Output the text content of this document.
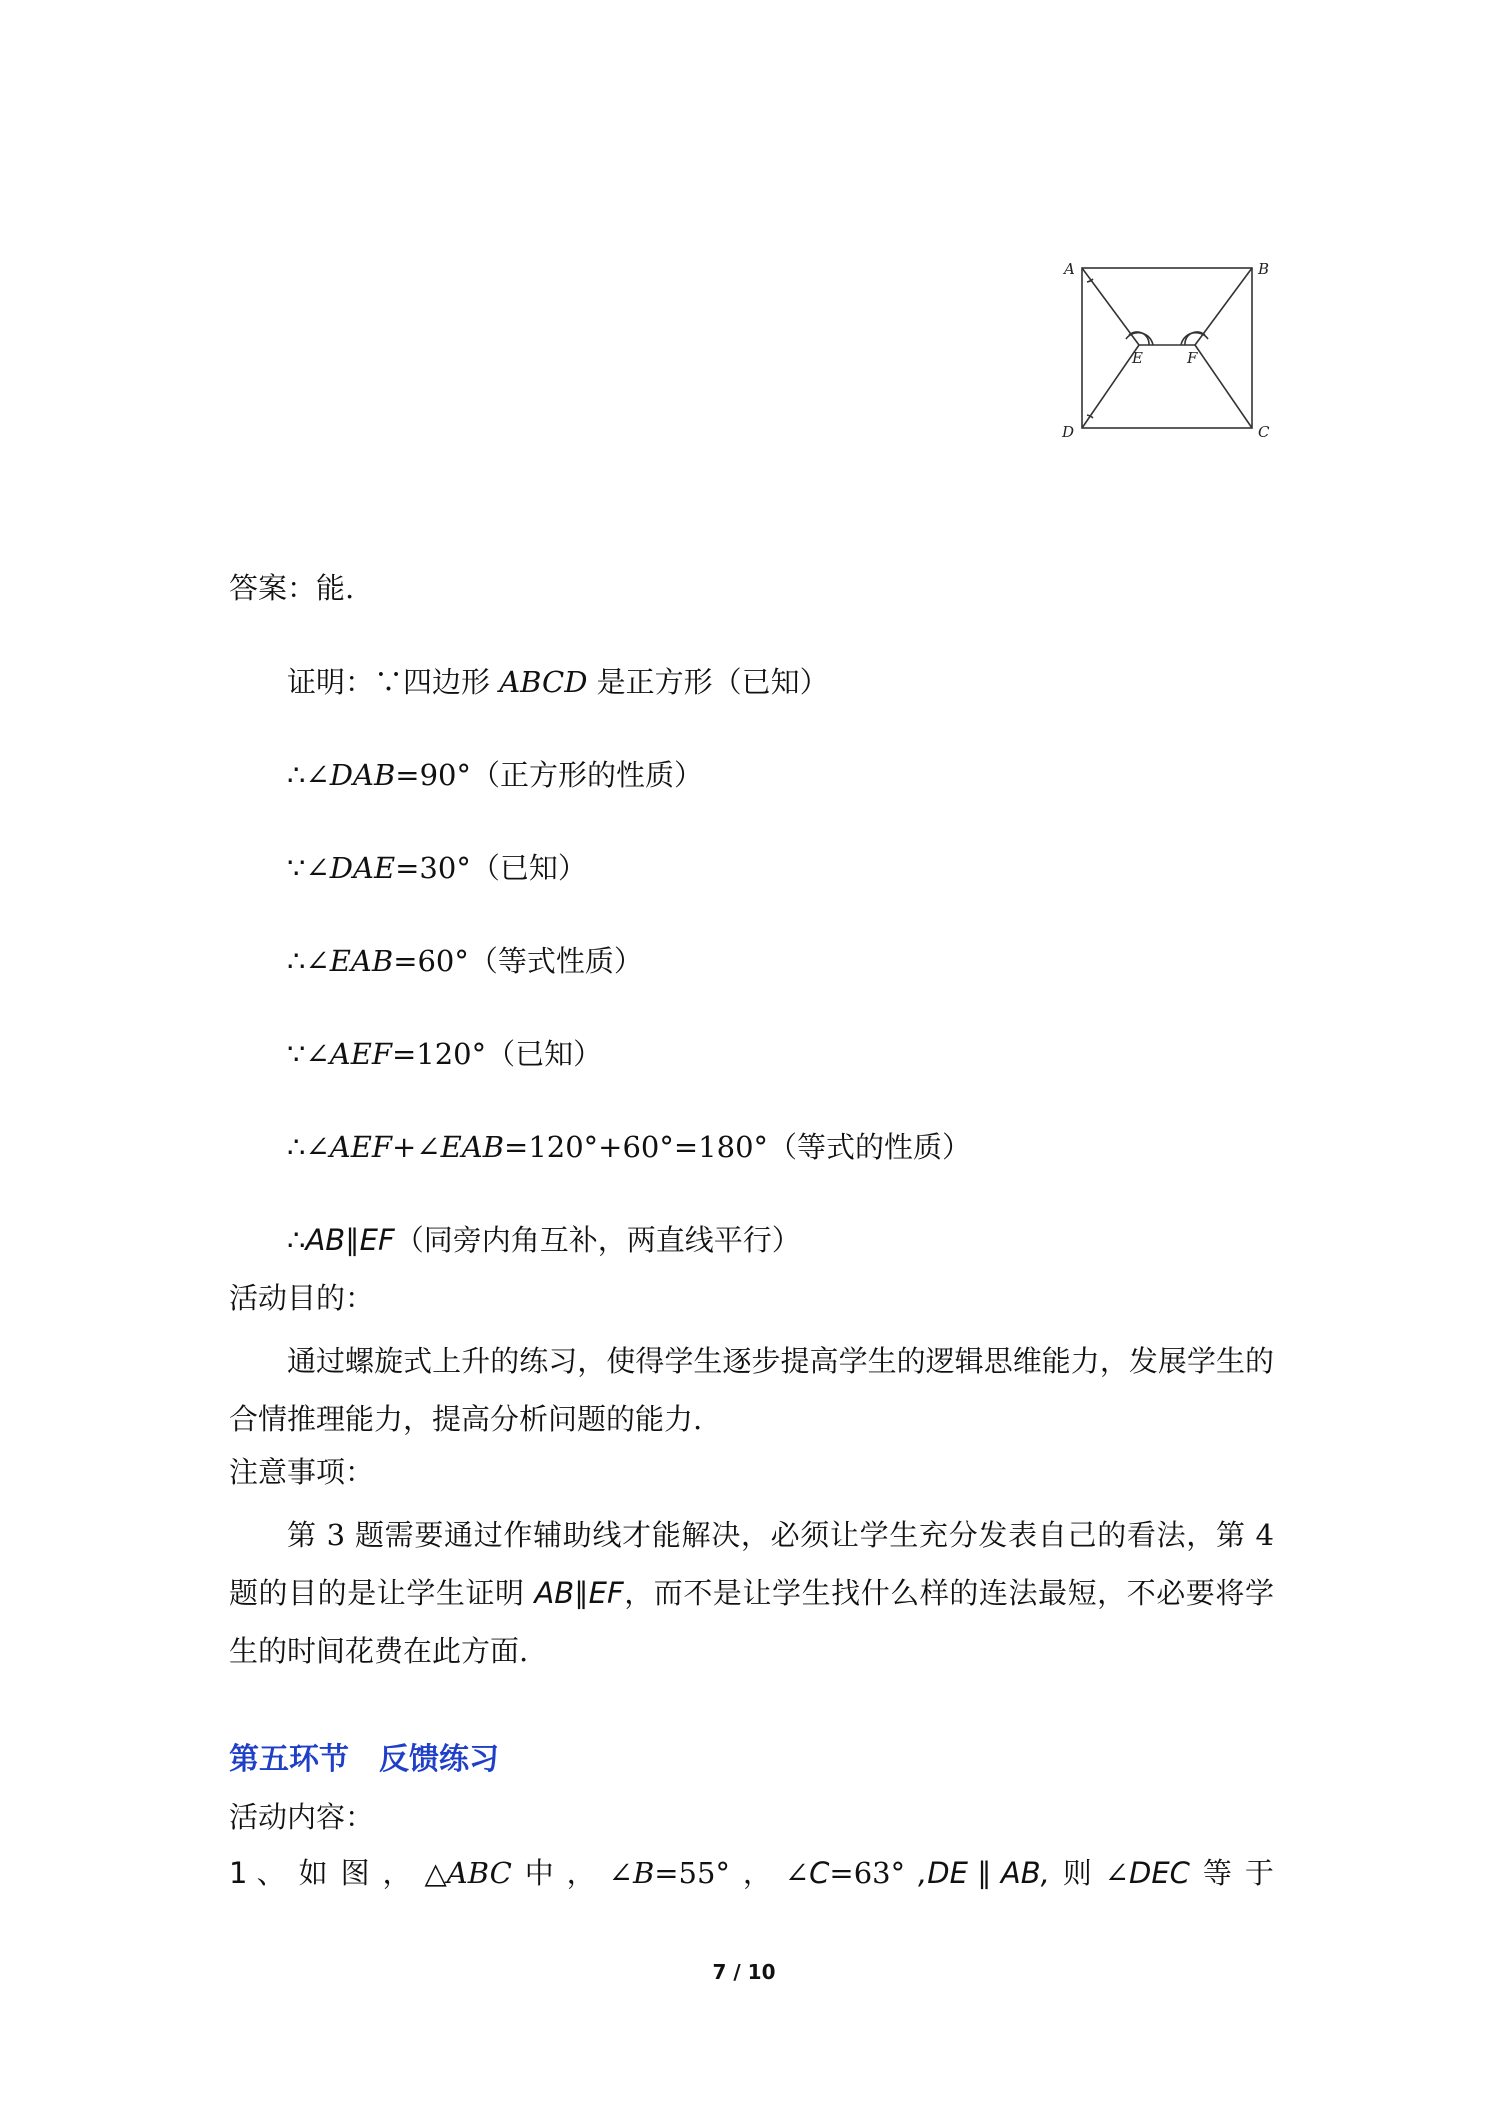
A	B
C
D
E	F
答案：能.
证明：∵四边形 ABCD 是正方形（已知）
∴∠DAB=90°（正方形的性质）
∵∠DAE=30°（已知）
∴∠EAB=60°（等式性质）
∵∠AEF=120°（已知）
∴∠AEF+∠EAB=120°+60°=180°（等式的性质）
∴AB∥EF（同旁内角互补，两直线平行）
活动目的：
通过螺旋式上升的练习，使得学生逐步提高学生的逻辑思维能力，发展学生的合情推理能力，提高分析问题的能力.
注意事项：
第 3 题需要通过作辅助线才能解决，必须让学生充分发表自己的看法，第 4 题的目的是让学生证明 AB∥EF，而不是让学生找什么样的连法最短，不必要将学生的时间花费在此方面.
第五环节　反馈练习
活动内容：
1 、 如 图 ， △ABC 中 ， ∠B=55° ， ∠C=63° ,DE ∥ AB, 则 ∠DEC 等 于
7 / 10
